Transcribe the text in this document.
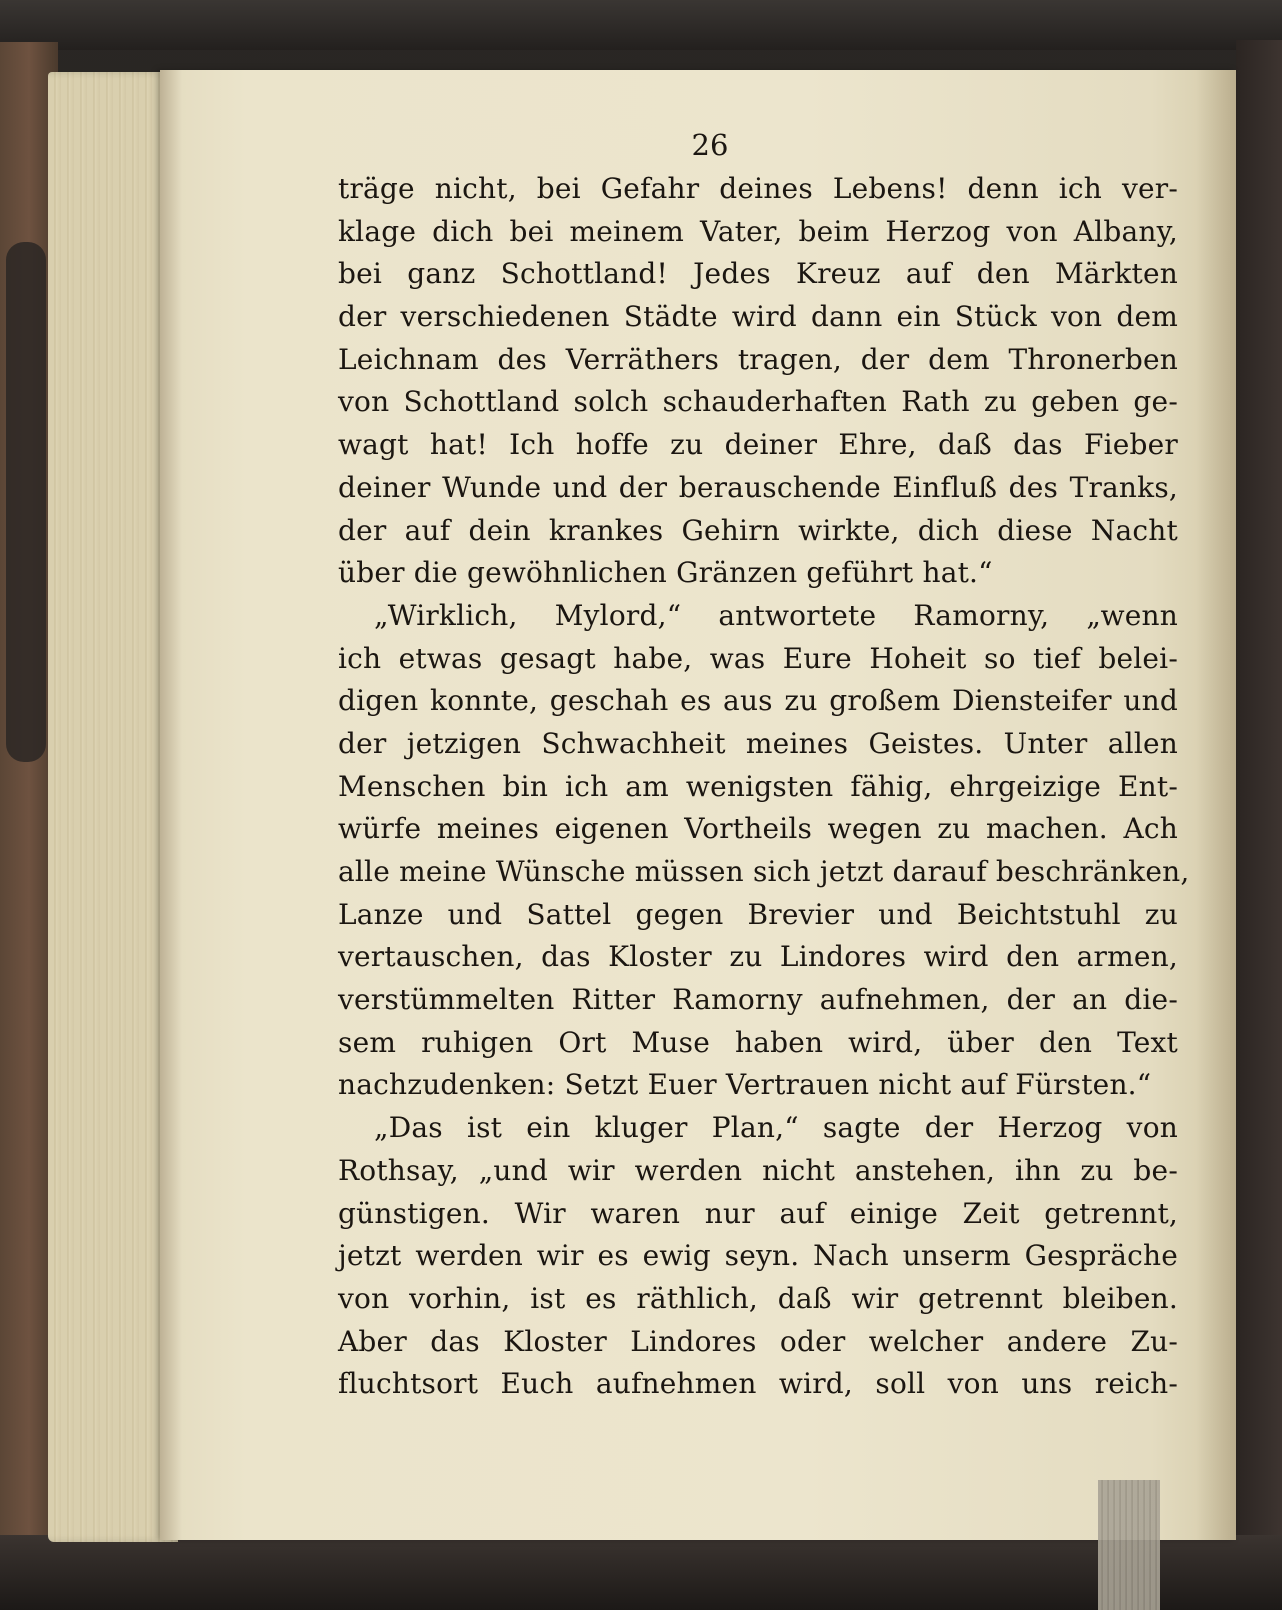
26
träge nicht, bei Gefahr deines Lebens! denn ich ver-
klage dich bei meinem Vater, beim Herzog von Albany,
bei ganz Schottland! Jedes Kreuz auf den Märkten
der verschiedenen Städte wird dann ein Stück von dem
Leichnam des Verräthers tragen, der dem Thronerben
von Schottland solch schauderhaften Rath zu geben ge-
wagt hat! Ich hoffe zu deiner Ehre, daß das Fieber
deiner Wunde und der berauschende Einfluß des Tranks,
der auf dein krankes Gehirn wirkte, dich diese Nacht
über die gewöhnlichen Gränzen geführt hat.“
„Wirklich, Mylord,“ antwortete Ramorny, „wenn
ich etwas gesagt habe, was Eure Hoheit so tief belei-
digen konnte, geschah es aus zu großem Diensteifer und
der jetzigen Schwachheit meines Geistes. Unter allen
Menschen bin ich am wenigsten fähig, ehrgeizige Ent-
würfe meines eigenen Vortheils wegen zu machen. Ach
alle meine Wünsche müssen sich jetzt darauf beschränken,
Lanze und Sattel gegen Brevier und Beichtstuhl zu
vertauschen, das Kloster zu Lindores wird den armen,
verstümmelten Ritter Ramorny aufnehmen, der an die-
sem ruhigen Ort Muse haben wird, über den Text
nachzudenken: Setzt Euer Vertrauen nicht auf Fürsten.“
„Das ist ein kluger Plan,“ sagte der Herzog von
Rothsay, „und wir werden nicht anstehen, ihn zu be-
günstigen. Wir waren nur auf einige Zeit getrennt,
jetzt werden wir es ewig seyn. Nach unserm Gespräche
von vorhin, ist es räthlich, daß wir getrennt bleiben.
Aber das Kloster Lindores oder welcher andere Zu-
fluchtsort Euch aufnehmen wird, soll von uns reich-
